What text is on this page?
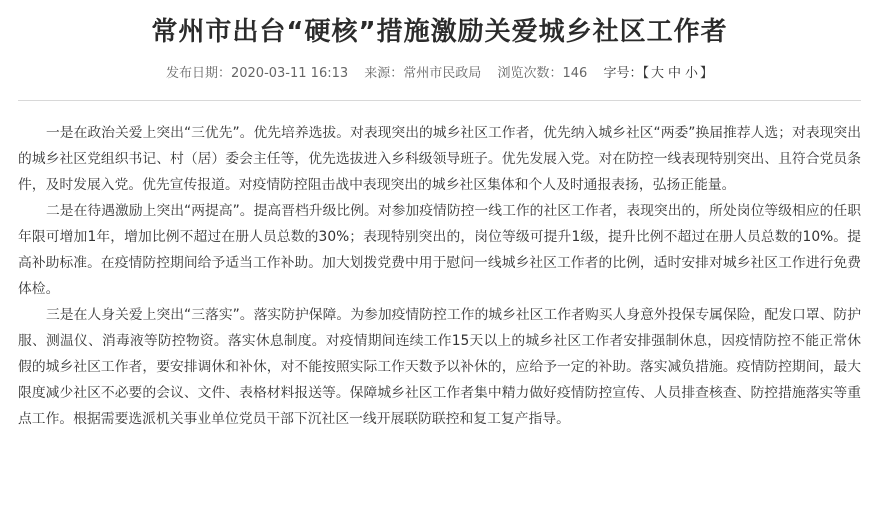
常州市出台“硬核”措施激励关爱城乡社区工作者
发布日期：2020-03-11 16:13 来源：常州市民政局 浏览次数：146 字号：【 大 中 小 】

一是在政治关爱上突出“三优先”。优先培养选拔。对表现突出的城乡社区工作者，优先纳入城乡社区“两委”换届推荐人选；对表现突出的城乡社区党组织书记、村（居）委会主任等，优先选拔进入乡科级领导班子。优先发展入党。对在防控一线表现特别突出、且符合党员条件，及时发展入党。优先宣传报道。对疫情防控阻击战中表现突出的城乡社区集体和个人及时通报表扬，弘扬正能量。

二是在待遇激励上突出“两提高”。提高晋档升级比例。对参加疫情防控一线工作的社区工作者，表现突出的，所处岗位等级相应的任职年限可增加1年，增加比例不超过在册人员总数的30%；表现特别突出的，岗位等级可提升1级，提升比例不超过在册人员总数的10%。提高补助标准。在疫情防控期间给予适当工作补助。加大划拨党费中用于慰问一线城乡社区工作者的比例，适时安排对城乡社区工作进行免费体检。

三是在人身关爱上突出“三落实”。落实防护保障。为参加疫情防控工作的城乡社区工作者购买人身意外投保专属保险，配发口罩、防护服、测温仪、消毒液等防控物资。落实休息制度。对疫情期间连续工作15天以上的城乡社区工作者安排强制休息，因疫情防控不能正常休假的城乡社区工作者，要安排调休和补休，对不能按照实际工作天数予以补休的，应给予一定的补助。落实减负措施。疫情防控期间，最大限度减少社区不必要的会议、文件、表格材料报送等。保障城乡社区工作者集中精力做好疫情防控宣传、人员排查核查、防控措施落实等重点工作。根据需要选派机关事业单位党员干部下沉社区一线开展联防联控和复工复产指导。
